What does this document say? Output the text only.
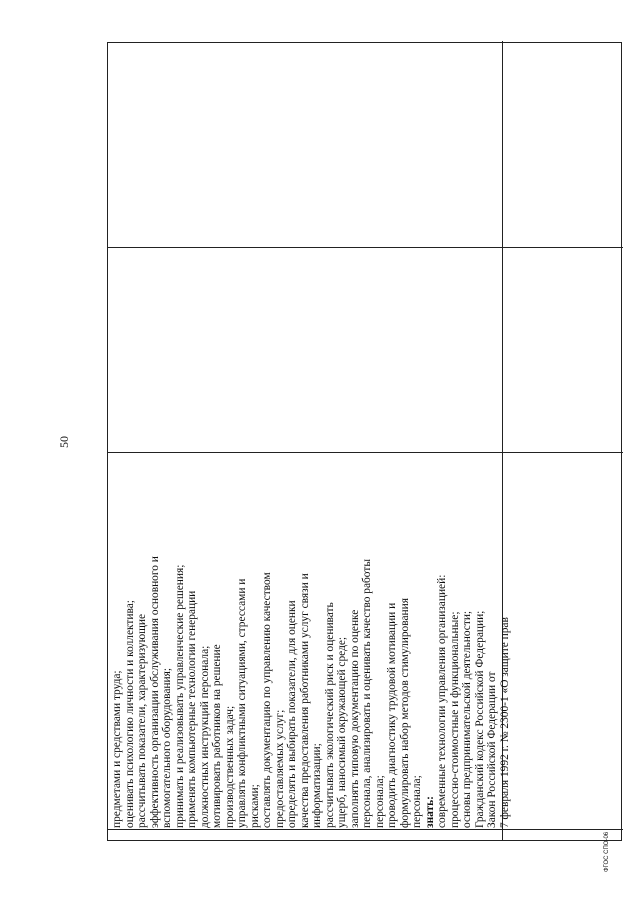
50
предметами и средствами труда; оценивать психологию личности и коллектива; рассчитывать показатели, характеризующие эффективность организации обслуживания основного и вспомогательного оборудования; принимать и реализовывать управленческие решения; применять компьютерные технологии генерации должностных инструкций персонала; мотивировать работников на решение производственных задач; управлять конфликтными ситуациями, стрессами и рисками; составлять документацию по управлению качеством предоставляемых услуг; определять и выбирать показатели, для оценки качества предоставления работниками услуг связи и информатизации; рассчитывать экологический риск и оценивать ущерб, наносимый окружающей среде; заполнять типовую документацию по оценке персонала, анализировать и оценивать качество работы персонала; проводить диагностику трудовой мотивации и формулировать набор методов стимулирования персонала; знать: современные технологии управления организацией: процессно-стоимостные и функциональные; основы предпринимательской деятельности; Гражданский кодекс Российской Федерации; Закон Российской Федерации от 7 февраля 1992 г. № 2300-1 «О защите прав
ФГОС СПО-06
